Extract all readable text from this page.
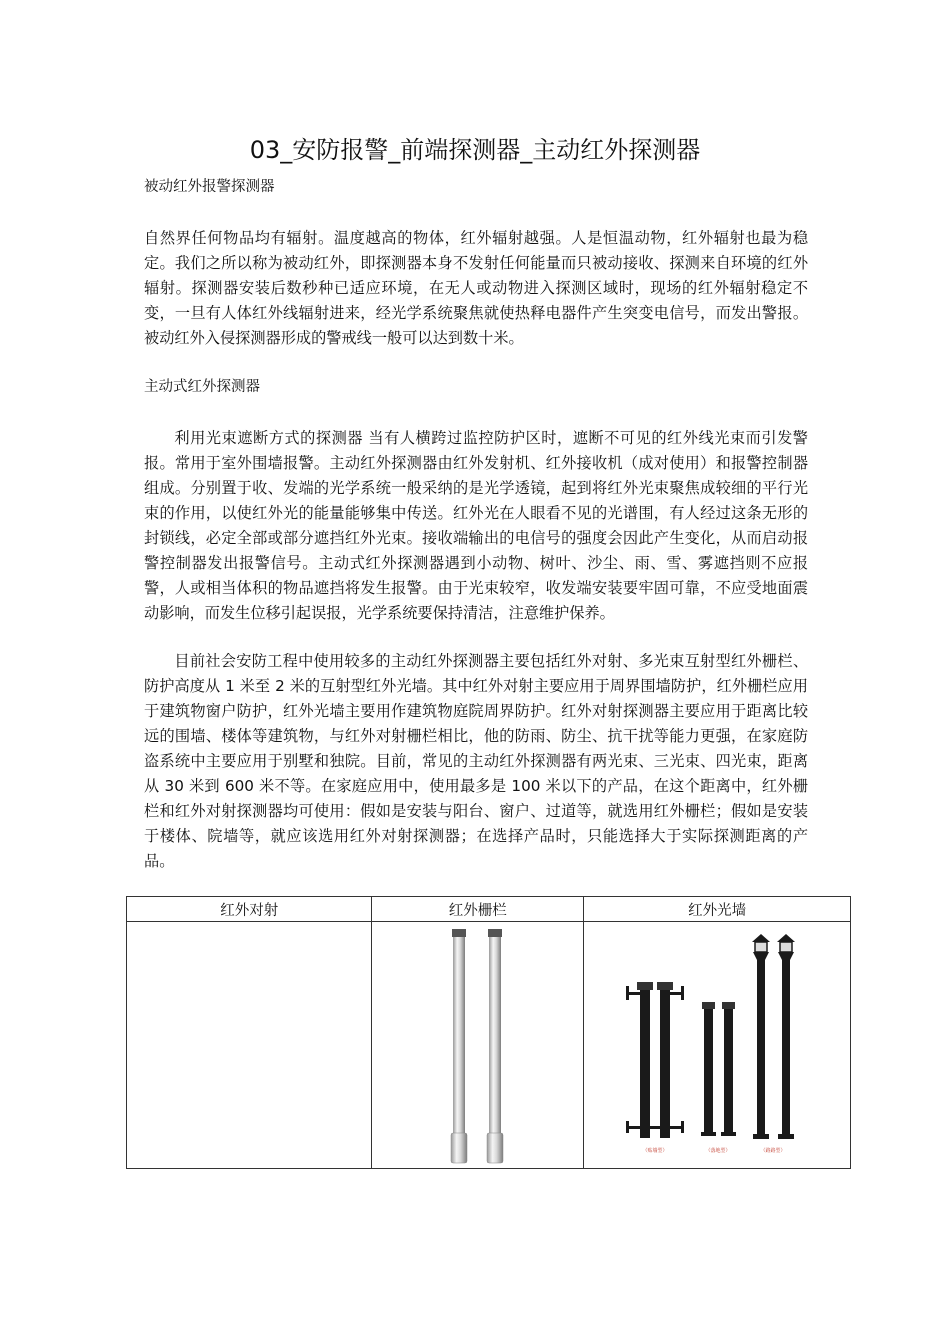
03_安防报警_前端探测器_主动红外探测器
被动红外报警探测器
自然界任何物品均有辐射。温度越高的物体，红外辐射越强。人是恒温动物，红外辐射也最为稳定。我们之所以称为被动红外，即探测器本身不发射任何能量而只被动接收、探测来自环境的红外辐射。探测器安装后数秒种已适应环境，在无人或动物进入探测区域时，现场的红外辐射稳定不变，一旦有人体红外线辐射进来，经光学系统聚焦就使热释电器件产生突变电信号，而发出警报。被动红外入侵探测器形成的警戒线一般可以达到数十米。
主动式红外探测器
利用光束遮断方式的探测器 当有人横跨过监控防护区时，遮断不可见的红外线光束而引发警报。常用于室外围墙报警。主动红外探测器由红外发射机、红外接收机（成对使用）和报警控制器组成。分别置于收、发端的光学系统一般采纳的是光学透镜，起到将红外光束聚焦成较细的平行光束的作用，以使红外光的能量能够集中传送。红外光在人眼看不见的光谱围，有人经过这条无形的封锁线，必定全部或部分遮挡红外光束。接收端输出的电信号的强度会因此产生变化，从而启动报警控制器发出报警信号。主动式红外探测器遇到小动物、树叶、沙尘、雨、雪、雾遮挡则不应报警，人或相当体积的物品遮挡将发生报警。由于光束较窄，收发端安装要牢固可靠，不应受地面震动影响，而发生位移引起误报，光学系统要保持清洁，注意维护保养。
目前社会安防工程中使用较多的主动红外探测器主要包括红外对射、多光束互射型红外栅栏、防护高度从 1 米至 2 米的互射型红外光墙。其中红外对射主要应用于周界围墙防护，红外栅栏应用于建筑物窗户防护，红外光墙主要用作建筑物庭院周界防护。红外对射探测器主要应用于距离比较远的围墙、楼体等建筑物，与红外对射栅栏相比，他的防雨、防尘、抗干扰等能力更强，在家庭防盗系统中主要应用于别墅和独院。目前，常见的主动红外探测器有两光束、三光束、四光束，距离从 30 米到 600 米不等。在家庭应用中，使用最多是 100 米以下的产品，在这个距离中，红外栅栏和红外对射探测器均可使用：假如是安装与阳台、窗户、过道等，就选用红外栅栏；假如是安装于楼体、院墙等，就应该选用红外对射探测器；在选择产品时，只能选择大于实际探测距离的产品。
红外对射	红外栅栏	红外光墙

（贴墙型） （落地型） （路路型）
